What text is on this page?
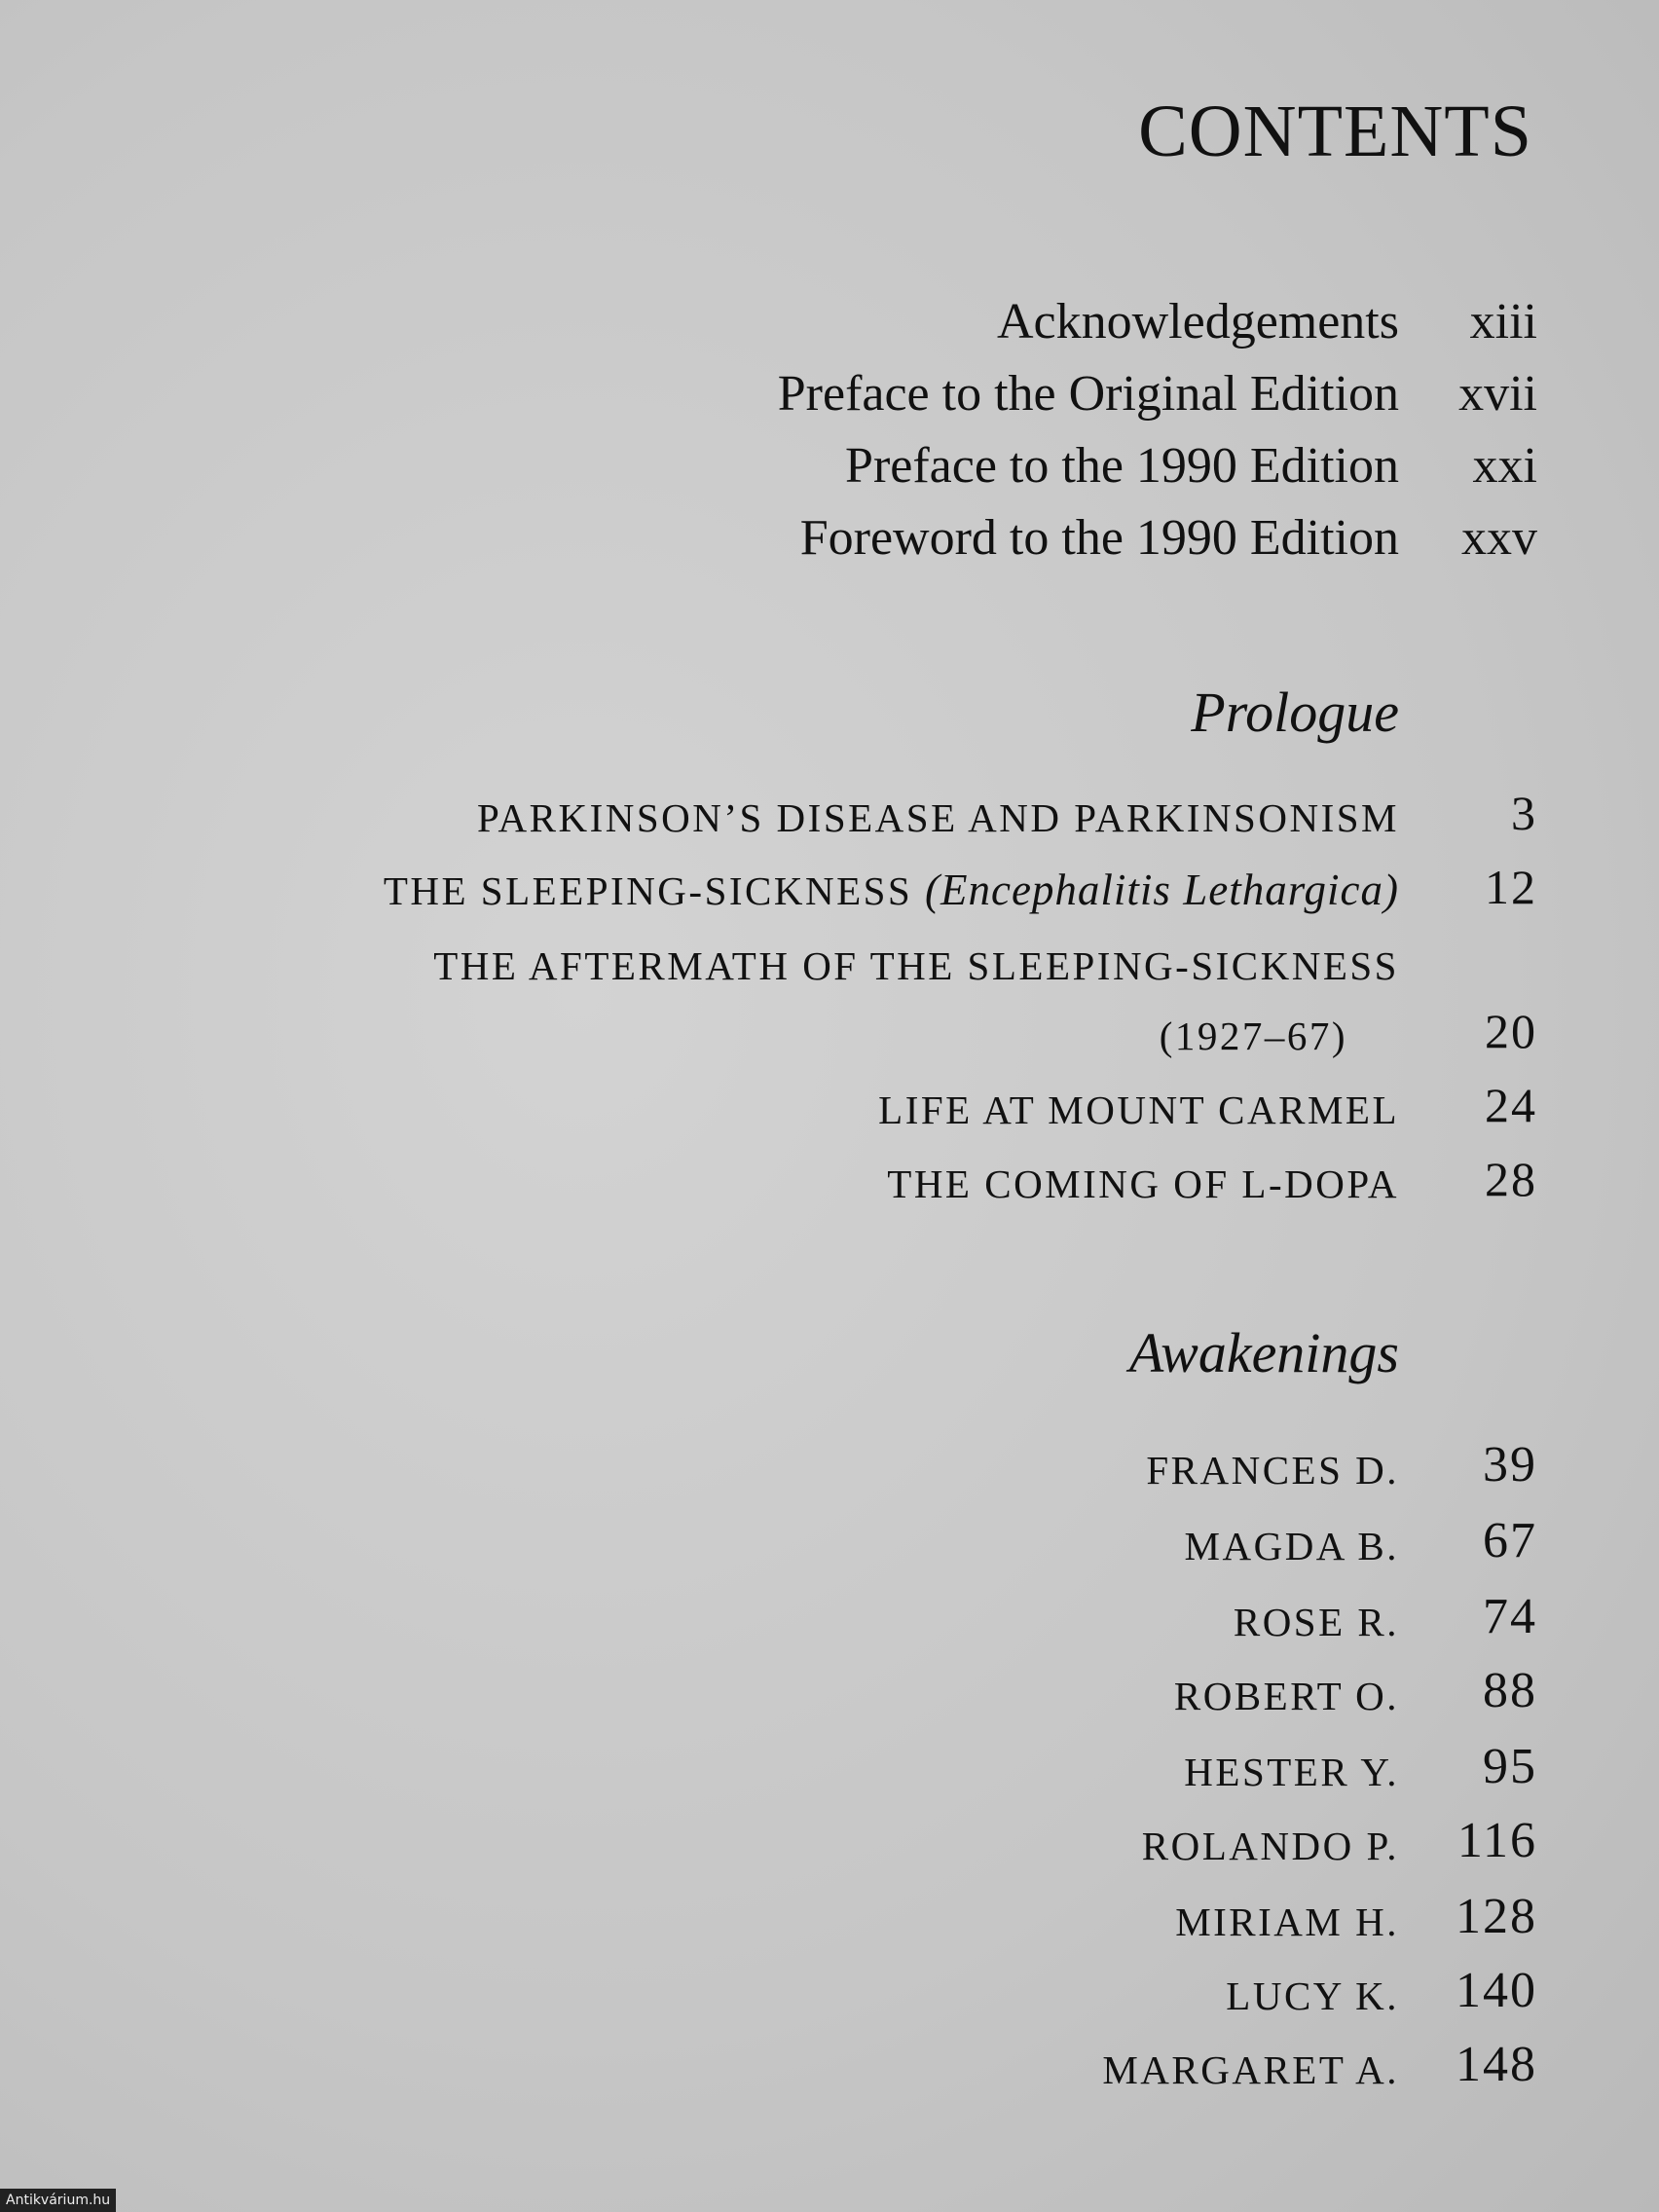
CONTENTS
Acknowledgements	xiii
Preface to the Original Edition	xvii
Preface to the 1990 Edition	xxi
Foreword to the 1990 Edition	xxv
Prologue
PARKINSON’S DISEASE AND PARKINSONISM	3
THE SLEEPING-SICKNESS (Encephalitis Lethargica)	12
THE AFTERMATH OF THE SLEEPING-SICKNESS
(1927–67)	20
LIFE AT MOUNT CARMEL	24
THE COMING OF L-DOPA	28
Awakenings
FRANCES D.	39
MAGDA B.	67
ROSE R.	74
ROBERT O.	88
HESTER Y.	95
ROLANDO P.	116
MIRIAM H.	128
LUCY K.	140
MARGARET A.	148
Antikvárium.hu
